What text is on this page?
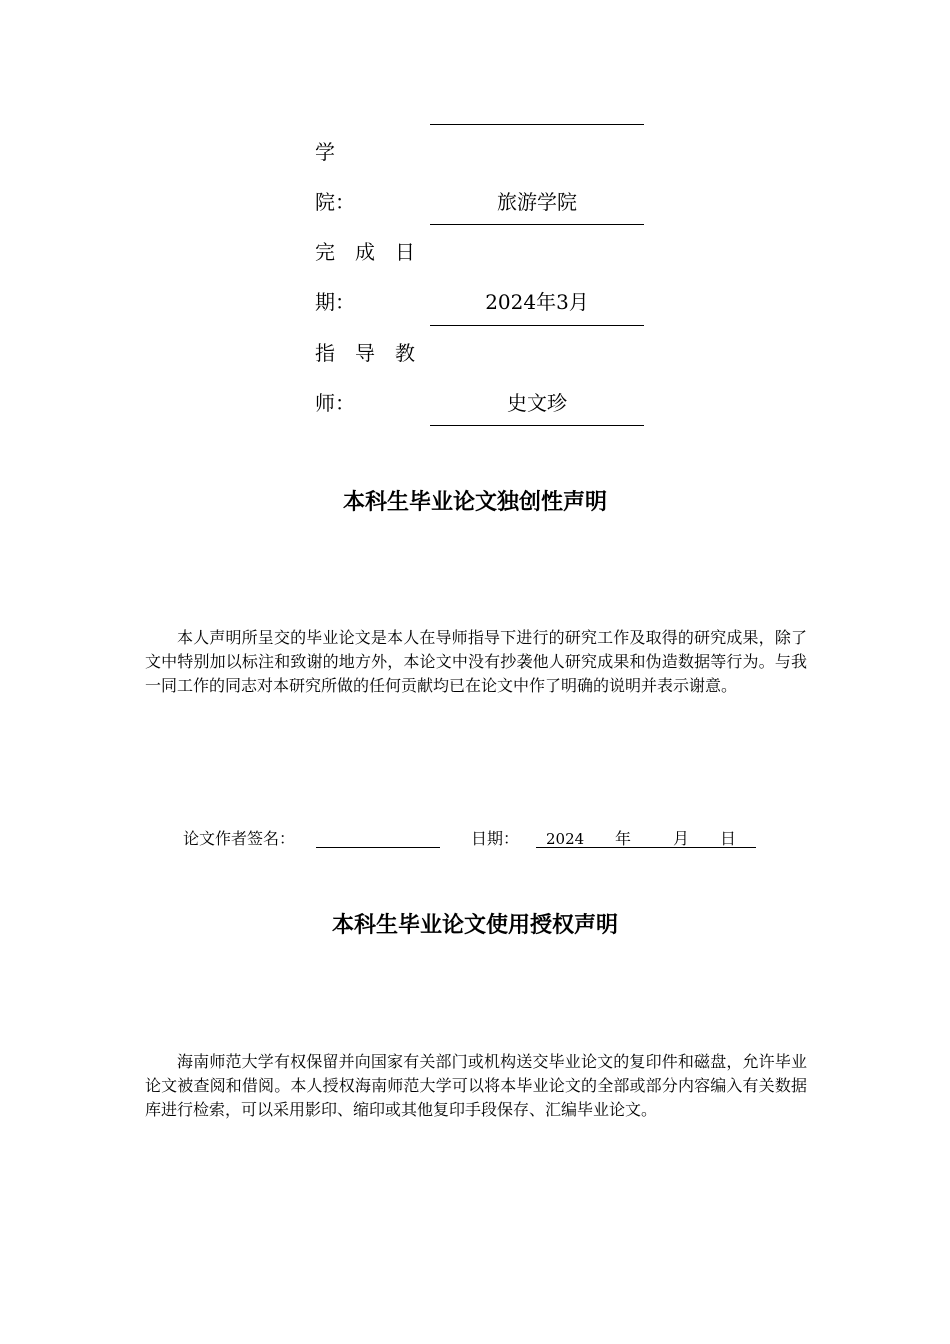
学
院：	旅游学院
完　成　日
期：	2024年3月
指　导　教
师：	史文珍
本科生毕业论文独创性声明
本人声明所呈交的毕业论文是本人在导师指导下进行的研究工作及取得的研究成果，除了文中特别加以标注和致谢的地方外，本论文中没有抄袭他人研究成果和伪造数据等行为。与我一同工作的同志对本研究所做的任何贡献均已在论文中作了明确的说明并表示谢意。
论文作者签名：	日期： 2024 年	月 日
本科生毕业论文使用授权声明
海南师范大学有权保留并向国家有关部门或机构送交毕业论文的复印件和磁盘，允许毕业论文被查阅和借阅。本人授权海南师范大学可以将本毕业论文的全部或部分内容编入有关数据库进行检索，可以采用影印、缩印或其他复印手段保存、汇编毕业论文。
